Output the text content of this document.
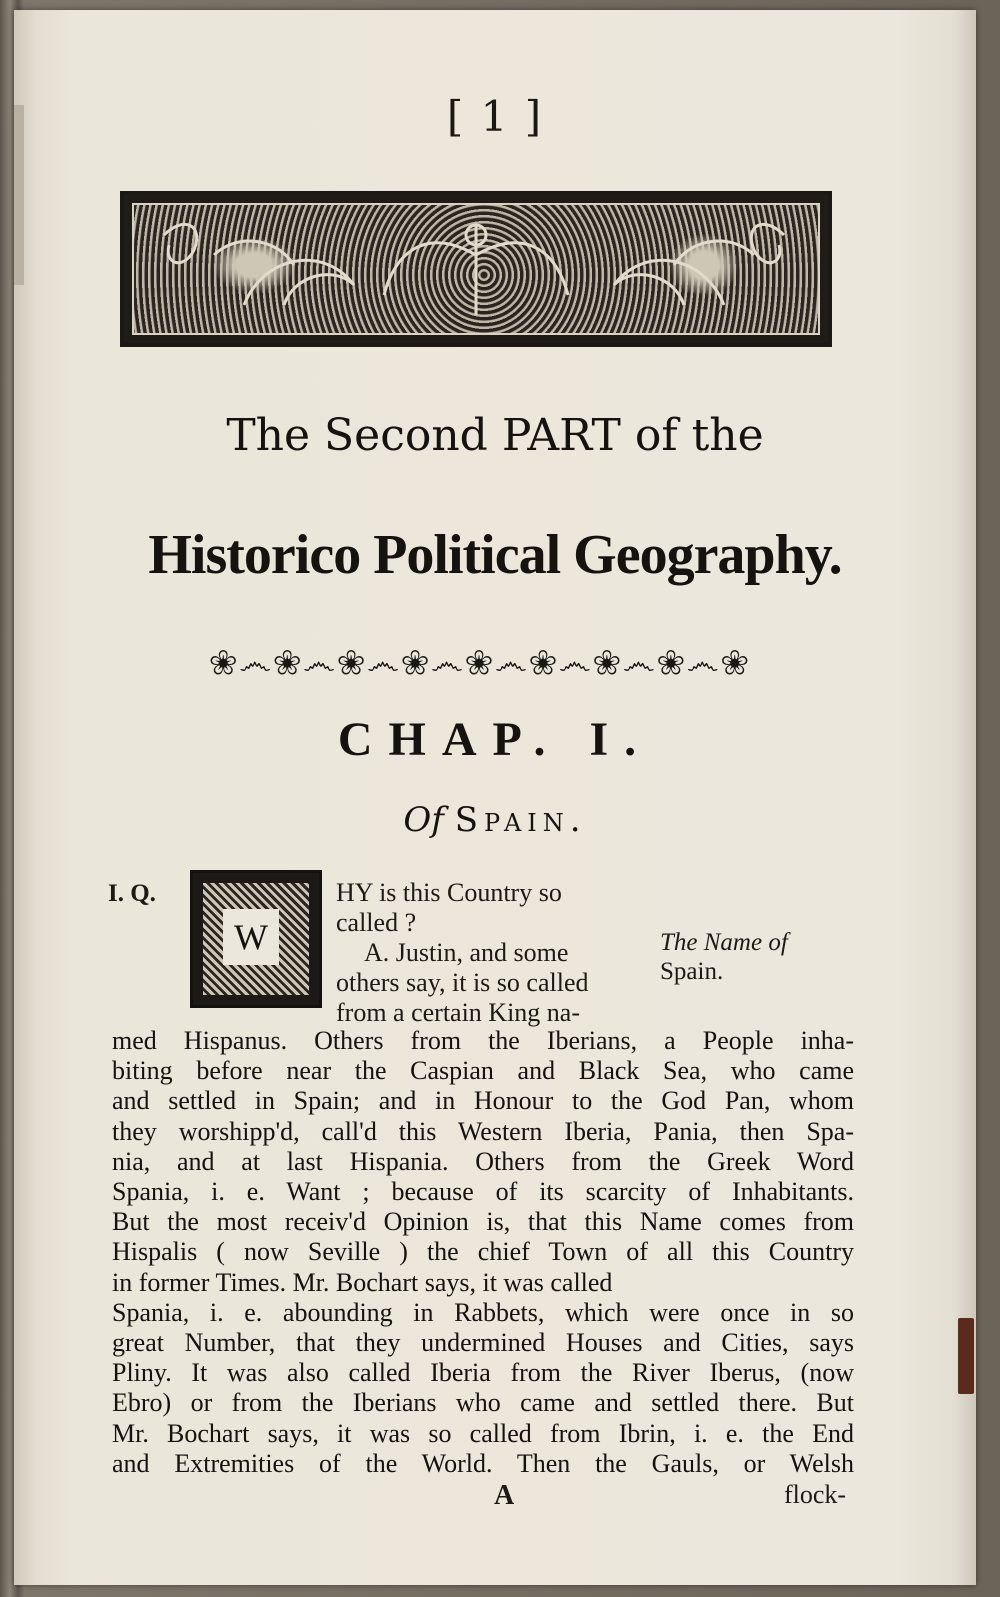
[ 1 ]
The Second PART of the
Historico Political Geography.
❀෴❀෴❀෴❀෴❀෴❀෴❀෴❀෴❀
CHAP. I.
Of Spain.
I. Q.
W
HY is this Country so
called ?
A. Justin, and some
others say, it is so called
from a certain King na-
The Name of
Spain.
med Hispanus. Others from the Iberians, a People inha-
biting before near the Caspian and Black Sea, who came
and settled in Spain; and in Honour to the God Pan, whom
they worshipp'd, call'd this Western Iberia, Pania, then Spa-
nia, and at last Hispania. Others from the Greek Word
Spania, i. e. Want ; because of its scarcity of Inhabitants.
But the most receiv'd Opinion is, that this Name comes from
Hispalis ( now Seville ) the chief Town of all this Country
in former Times. Mr. Bochart says, it was called
Spania, i. e. abounding in Rabbets, which were once in so
great Number, that they undermined Houses and Cities, says
Pliny. It was also called Iberia from the River Iberus, (now
Ebro) or from the Iberians who came and settled there. But
Mr. Bochart says, it was so called from Ibrin, i. e. the End
and Extremities of the World. Then the Gauls, or Welsh
A	flock-
